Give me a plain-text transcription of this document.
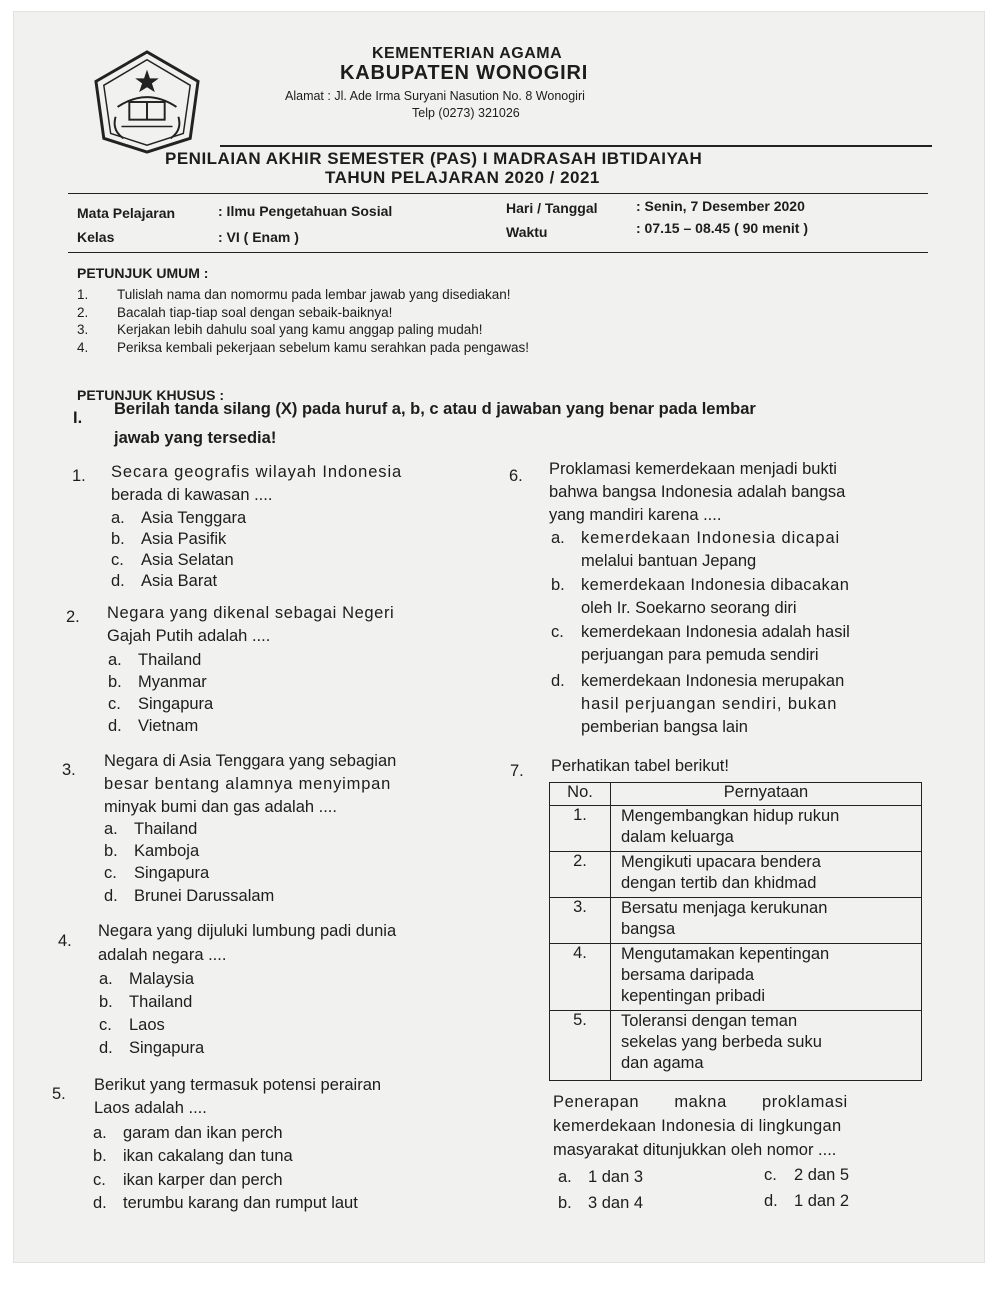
KEMENTERIAN AGAMA
KABUPATEN WONOGIRI
Alamat : Jl. Ade Irma Suryani Nasution No. 8 Wonogiri
Telp (0273) 321026
PENILAIAN AKHIR SEMESTER (PAS) I MADRASAH IBTIDAIYAH
TAHUN PELAJARAN 2020 / 2021
Mata Pelajaran	: Ilmu Pengetahuan Sosial
Kelas	: VI ( Enam )
Hari / Tanggal	: Senin, 7 Desember 2020
Waktu	: 07.15 – 08.45 ( 90 menit )
PETUNJUK UMUM :
1. Tulislah nama dan nomormu pada lembar jawab yang disediakan!
2. Bacalah tiap-tiap soal dengan sebaik-baiknya!
3. Kerjakan lebih dahulu soal yang kamu anggap paling mudah!
4. Periksa kembali pekerjaan sebelum kamu serahkan pada pengawas!
PETUNJUK KHUSUS :
I. Berilah tanda silang (X) pada huruf a, b, c atau d jawaban yang benar pada lembar
jawab yang tersedia!
1. Secara geografis wilayah Indonesia
berada di kawasan ....
a. Asia Tenggara
b. Asia Pasifik
c. Asia Selatan
d. Asia Barat
2. Negara yang dikenal sebagai Negeri
Gajah Putih adalah ....
a. Thailand
b. Myanmar
c. Singapura
d. Vietnam
3. Negara di Asia Tenggara yang sebagian
besar bentang alamnya menyimpan
minyak bumi dan gas adalah ....
a. Thailand
b. Kamboja
c. Singapura
d. Brunei Darussalam
4.
Negara yang dijuluki lumbung padi dunia
adalah negara ....
a. Malaysia
b. Thailand
c. Laos
d. Singapura
5. Berikut yang termasuk potensi perairan
Laos adalah ....
a. garam dan ikan perch
b. ikan cakalang dan tuna
c. ikan karper dan perch
d. terumbu karang dan rumput laut
6. Proklamasi kemerdekaan menjadi bukti
bahwa bangsa Indonesia adalah bangsa
yang mandiri karena ....
a. kemerdekaan Indonesia dicapai
melalui bantuan Jepang
b. kemerdekaan Indonesia dibacakan
oleh Ir. Soekarno seorang diri
c. kemerdekaan Indonesia adalah hasil
perjuangan para pemuda sendiri
d. kemerdekaan Indonesia merupakan
hasil perjuangan sendiri, bukan
pemberian bangsa lain
7. Perhatikan tabel berikut!
No.	Pernyataan
1.	Mengembangkan hidup rukun
dalam keluarga

2.	Mengikuti upacara bendera
dengan tertib dan khidmad

3.	Bersatu menjaga kerukunan
bangsa

4.	Mengutamakan kepentingan
bersama daripada
kepentingan pribadi

5.	Toleransi dengan teman
sekelas yang berbeda suku
dan agama
Penerapan makna proklamasi
kemerdekaan Indonesia di lingkungan
masyarakat ditunjukkan oleh nomor ....
a. 1 dan 3
b. 3 dan 4
c. 2 dan 5
d. 1 dan 2
